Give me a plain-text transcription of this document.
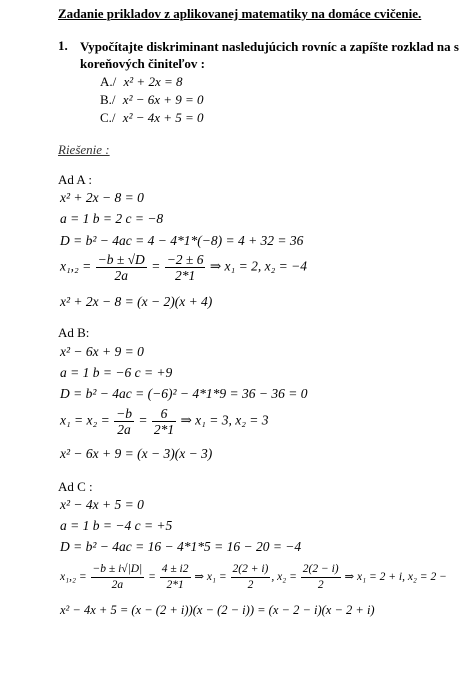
Zadanie prikladov z aplikovanej matematiky na domáce cvičenie.
1. Vypočítajte diskriminant nasledujúcich rovníc a zapíšte rozklad na s
koreňových činiteľov :
A./ x² + 2x = 8
B./ x² − 6x + 9 = 0
C./ x² − 4x + 5 = 0
Riešenie :
Ad A :
x² + 2x − 8 = 0
a = 1 b = 2 c = −8
D = b² − 4ac = 4 − 4*1*(−8) = 4 + 32 = 36
$x_1,_2 = \frac{-b \pm √D}{2a} = \frac{-2 \pm 6}{2*1}$ ⇒ x₁ = 2, x₂ = −4
x² + 2x − 8 = (x − 2)(x + 4)
Ad B:
x² − 6x + 9 = 0
a = 1 b = −6 c = +9
D = b² − 4ac = (−6)² − 4*1*9 = 36 − 36 = 0
$x_1 = x_2 = \frac{-b}{2a} = \frac{6}{2*1}$ ⇒ x₁ = 3, x₂ = 3
x² − 6x + 9 = (x − 3)(x − 3)
Ad C :
x² − 4x + 5 = 0
a = 1 b = −4 c = +5
D = b² − 4ac = 16 − 4*1*5 = 16 − 20 = −4
$x_1,_2 = \frac{-b \pm i√|D|}{2a} = \frac{4 \pm i2}{2*1}$ ⇒ $x_1 = \frac{2(2 + i)}{2}$ , $x_2 = \frac{2(2 - i)}{2}$ ⇒ x₁ = 2 + i, x₂ = 2 −
x² − 4x + 5 = (x − (2 + i))(x − (2 − i)) = (x − 2 − i)(x − 2 + i)
